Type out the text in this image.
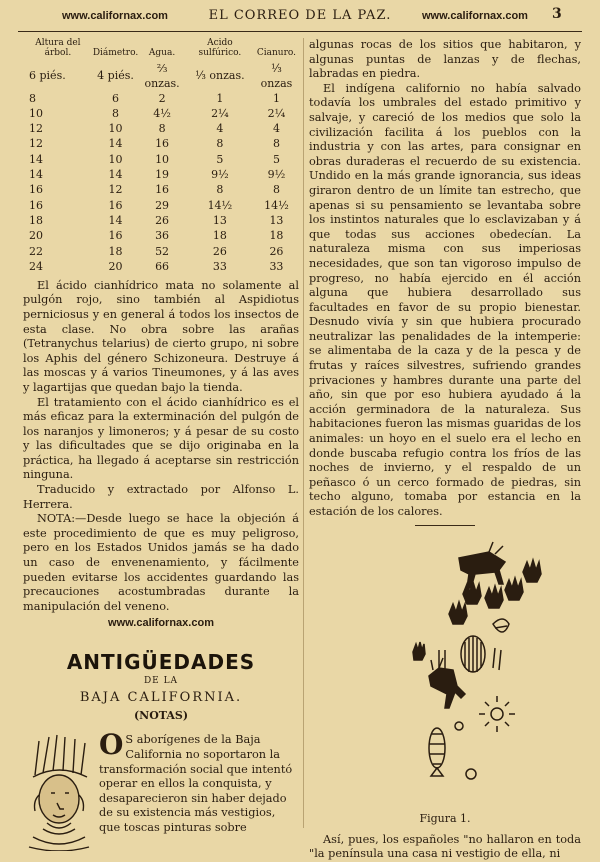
www.californax.com	EL CORREO DE LA PAZ.	www.californax.com 3
Altura del árbol.	Diámetro.	Agua.	Acido sulfúrico.	Cianuro.
6 piés.	4 piés.	⅔ onzas.	⅓ onzas.	⅓ onzas
8	6	2	1	1
10	8	4½	2¼	2¼
12	10	8	4	4
12	14	16	8	8
14	10	10	5	5
14	14	19	9½	9½
16	12	16	8	8
16	16	29	14½	14½
18	14	26	13	13
20	16	36	18	18
22	18	52	26	26
24	20	66	33	33

El ácido cianhídrico mata no solamente al pulgón rojo, sino también al Aspidiotus perniciosus y en general á todos los insectos de esta clase. No obra sobre las arañas (Tetranychus telarius) de cierto grupo, ni sobre los Aphis del género Schizoneura. Destruye á las moscas y á varios Tineumones, y á las aves y lagartijas que quedan bajo la tienda.

El tratamiento con el ácido cianhídrico es el más eficaz para la exterminación del pulgón de los naranjos y limoneros; y á pesar de su costo y las dificultades que se dijo originaba en la práctica, ha llegado á aceptarse sin restricción ninguna.

Traducido y extractado por Alfonso L. Herrera.

NOTA:—Desde luego se hace la objeción á este procedimiento de que es muy peligroso, pero en los Estados Unidos jamás se ha dado un caso de envenenamiento, y fácilmente pueden evitarse los accidentes guardando las precauciones acostumbradas durante la manipulación del veneno.

www.californax.com
ANTIGÜEDADES
DE LA
BAJA CALIFORNIA.
(NOTAS)
O S aborígenes de la Baja California no soportaron la transformación social que intentó operar en ellos la conquista, y desaparecieron sin haber dejado de su existencia más vestigios, que toscas pinturas sobre

algunas rocas de los sitios que habitaron, y algunas puntas de lanzas y de flechas, labradas en piedra.

El indígena californio no había salvado todavía los umbrales del estado primitivo y salvaje, y careció de los medios que solo la civilización facilita á los pueblos con la industria y con las artes, para consignar en obras duraderas el recuerdo de su existencia. Undido en la más grande ignorancia, sus ideas giraron dentro de un límite tan estrecho, que apenas si su pensamiento se levantaba sobre los instintos naturales que lo esclavizaban y á que todas sus acciones obedecían. La naturaleza misma con sus imperiosas necesidades, que son tan vigoroso impulso de progreso, no había ejercido en él acción alguna que hubiera desarrollado sus facultades en favor de su propio bienestar. Desnudo vivía y sin que hubiera procurado neutralizar las penalidades de la intemperie: se alimentaba de la caza y de la pesca y de frutas y raíces silvestres, sufriendo grandes privaciones y hambres durante una parte del año, sin que por eso hubiera ayudado á la acción germinadora de la naturaleza. Sus habitaciones fueron las mismas guaridas de los animales: un hoyo en el suelo era el lecho en donde buscaba refugio contra los fríos de las noches de invierno, y el respaldo de un peñasco ó un cerco formado de piedras, sin techo alguno, tomaba por estancia en la estación de los calores.

Figura 1.

Así, pues, los españoles "no hallaron en toda "la península una casa ni vestigio de ella, ni
